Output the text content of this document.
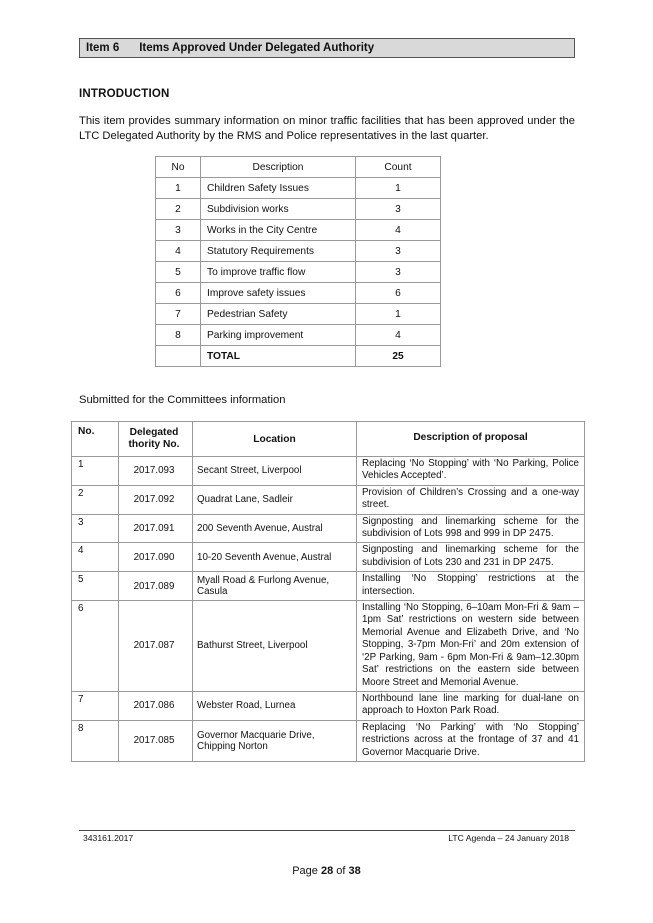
Item 6 Items Approved Under Delegated Authority
INTRODUCTION
This item provides summary information on minor traffic facilities that has been approved under the LTC Delegated Authority by the RMS and Police representatives in the last quarter.
No	Description	Count
1	Children Safety Issues	1
2	Subdivision works	3
3	Works in the City Centre	4
4	Statutory Requirements	3
5	To improve traffic flow	3
6	Improve safety issues	6
7	Pedestrian Safety	1
8	Parking improvement	4
	TOTAL	25
Submitted for the Committees information
No.	Delegated thority No.	Location	Description of proposal
1	2017.093	Secant Street, Liverpool	Replacing ‘No Stopping’ with ‘No Parking, Police Vehicles Accepted’.
2	2017.092	Quadrat Lane, Sadleir	Provision of Children’s Crossing and a one-way street.
3	2017.091	200 Seventh Avenue, Austral	Signposting and linemarking scheme for the subdivision of Lots 998 and 999 in DP 2475.
4	2017.090	10-20 Seventh Avenue, Austral	Signposting and linemarking scheme for the subdivision of Lots 230 and 231 in DP 2475.
5	2017.089	Myall Road & Furlong Avenue, Casula	Installing ‘No Stopping’ restrictions at the intersection.
6	2017.087	Bathurst Street, Liverpool	Installing ‘No Stopping, 6–10am Mon-Fri & 9am – 1pm Sat’ restrictions on western side between Memorial Avenue and Elizabeth Drive, and ‘No Stopping, 3-7pm Mon-Fri’ and 20m extension of ‘2P Parking, 9am - 6pm Mon-Fri & 9am–12.30pm Sat’ restrictions on the eastern side between Moore Street and Memorial Avenue.
7	2017.086	Webster Road, Lurnea	Northbound lane line marking for dual-lane on approach to Hoxton Park Road.
8	2017.085	Governor Macquarie Drive, Chipping Norton	Replacing ‘No Parking’ with ‘No Stopping’ restrictions across at the frontage of 37 and 41 Governor Macquarie Drive.
343161.2017	LTC Agenda – 24 January 2018
Page 28 of 38
